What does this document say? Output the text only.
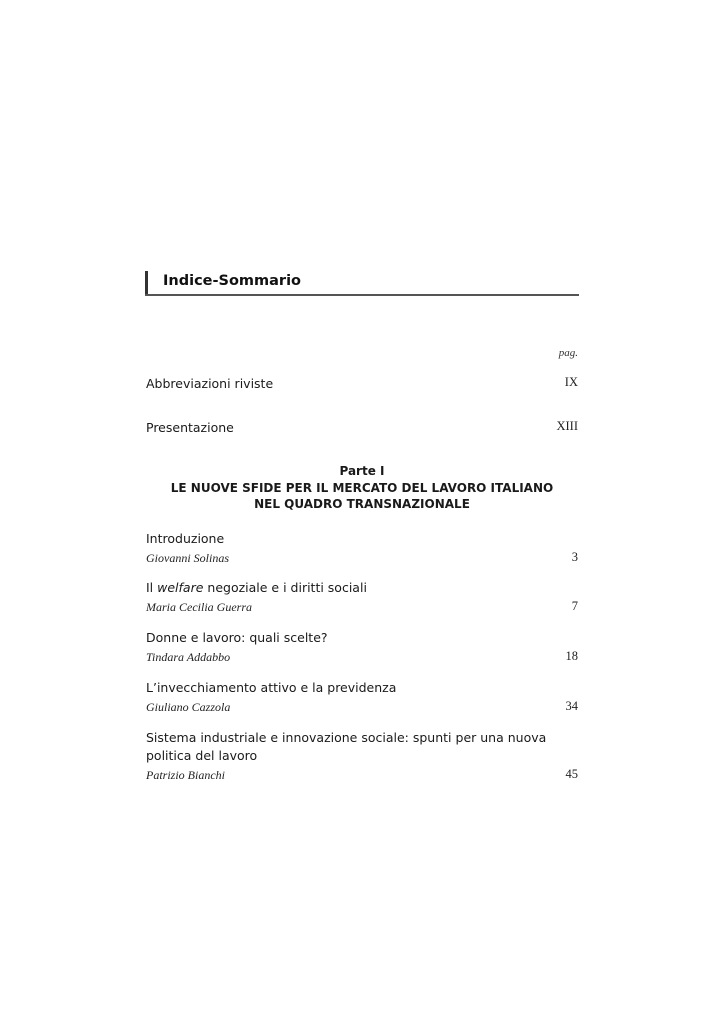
Indice-Sommario
pag.
Abbreviazioni riviste	IX
Presentazione	XIII
Parte I
LE NUOVE SFIDE PER IL MERCATO DEL LAVORO ITALIANO
NEL QUADRO TRANSNAZIONALE
Introduzione
Giovanni Solinas	3
Il welfare negoziale e i diritti sociali
Maria Cecilia Guerra	7
Donne e lavoro: quali scelte?
Tindara Addabbo	18
L’invecchiamento attivo e la previdenza
Giuliano Cazzola	34
Sistema industriale e innovazione sociale: spunti per una nuova
politica del lavoro
Patrizio Bianchi	45
